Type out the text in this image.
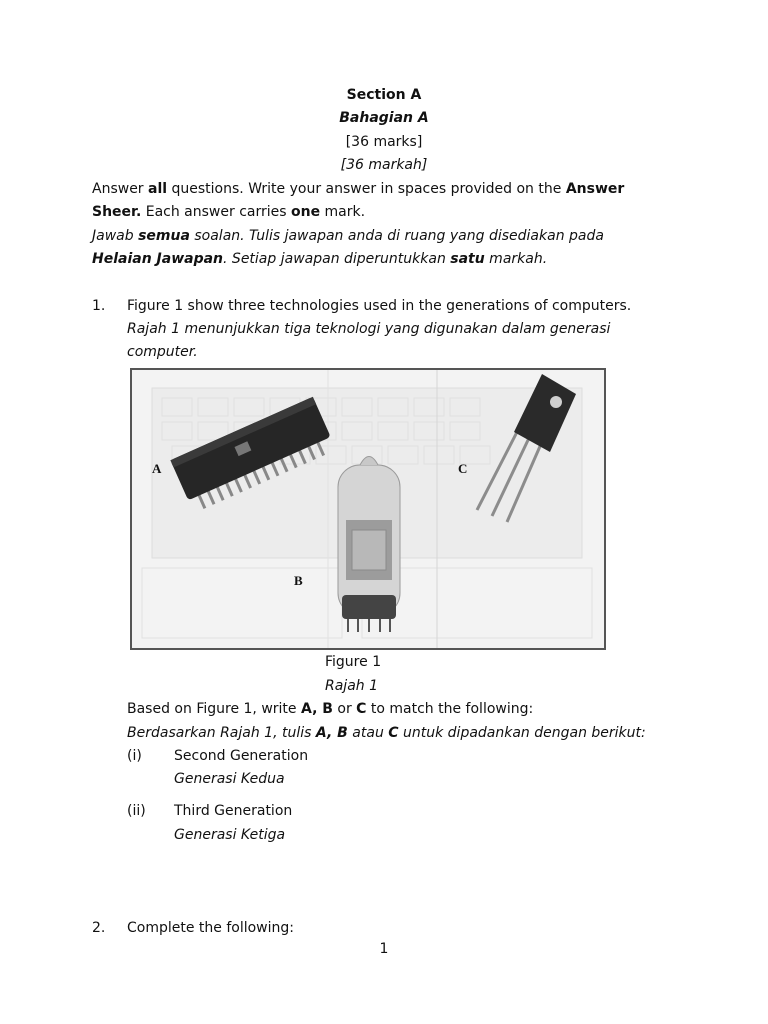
Section A
Bahagian A
[36 marks]
[36 markah]
Answer all questions. Write your answer in spaces provided on the Answer
Sheer. Each answer carries one mark.
Jawab semua soalan. Tulis jawapan anda di ruang yang disediakan pada
Helaian Jawapan. Setiap jawapan diperuntukkan satu markah.
1. Figure 1 show three technologies used in the generations of computers.
Rajah 1 menunjukkan tiga teknologi yang digunakan dalam generasi
computer.
A
B
C
Figure 1
Rajah 1
Based on Figure 1, write A, B or C to match the following:
Berdasarkan Rajah 1, tulis A, B atau C untuk dipadankan dengan berikut:
(i) Second Generation
Generasi Kedua
(ii) Third Generation
Generasi Ketiga
2. Complete the following:
1
